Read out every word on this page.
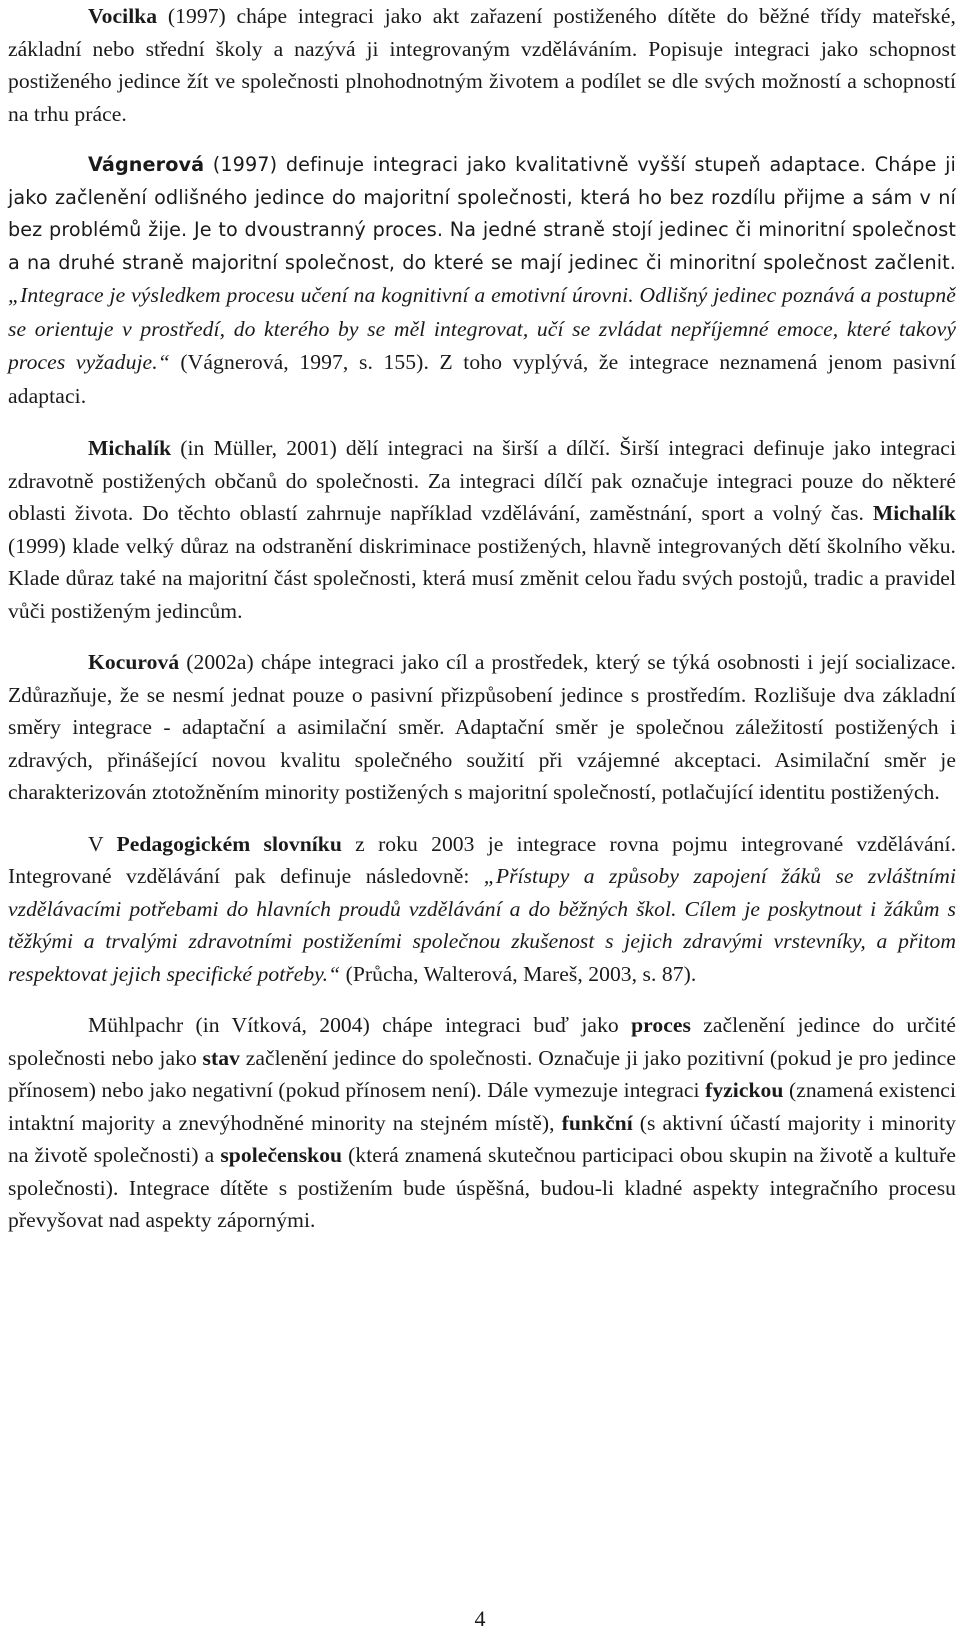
Vocilka (1997) chápe integraci jako akt zařazení postiženého dítěte do běžné třídy mateřské, základní nebo střední školy a nazývá ji integrovaným vzděláváním. Popisuje integraci jako schopnost postiženého jedince žít ve společnosti plnohodnotným životem a podílet se dle svých možností a schopností na trhu práce.

Vágnerová (1997) definuje integraci jako kvalitativně vyšší stupeň adaptace. Chápe ji jako začlenění odlišného jedince do majoritní společnosti, která ho bez rozdílu přijme a sám v ní bez problémů žije. Je to dvoustranný proces. Na jedné straně stojí jedinec či minoritní společnost a na druhé straně majoritní společnost, do které se mají jedinec či minoritní společnost začlenit. „Integrace je výsledkem procesu učení na kognitivní a emotivní úrovni. Odlišný jedinec poznává a postupně se orientuje v prostředí, do kterého by se měl integrovat, učí se zvládat nepříjemné emoce, které takový proces vyžaduje.“ (Vágnerová, 1997, s. 155). Z toho vyplývá, že integrace neznamená jenom pasivní adaptaci.

Michalík (in Müller, 2001) dělí integraci na širší a dílčí. Širší integraci definuje jako integraci zdravotně postižených občanů do společnosti. Za integraci dílčí pak označuje integraci pouze do některé oblasti života. Do těchto oblastí zahrnuje například vzdělávání, zaměstnání, sport a volný čas. Michalík (1999) klade velký důraz na odstranění diskriminace postižených, hlavně integrovaných dětí školního věku. Klade důraz také na majoritní část společnosti, která musí změnit celou řadu svých postojů, tradic a pravidel vůči postiženým jedincům.

Kocurová (2002a) chápe integraci jako cíl a prostředek, který se týká osobnosti i její socializace. Zdůrazňuje, že se nesmí jednat pouze o pasivní přizpůsobení jedince s prostředím. Rozlišuje dva základní směry integrace - adaptační a asimilační směr. Adaptační směr je společnou záležitostí postižených i zdravých, přinášející novou kvalitu společného soužití při vzájemné akceptaci. Asimilační směr je charakterizován ztotožněním minority postižených s majoritní společností, potlačující identitu postižených.

V Pedagogickém slovníku z roku 2003 je integrace rovna pojmu integrované vzdělávání. Integrované vzdělávání pak definuje následovně: „Přístupy a způsoby zapojení žáků se zvláštními vzdělávacími potřebami do hlavních proudů vzdělávání a do běžných škol. Cílem je poskytnout i žákům s těžkými a trvalými zdravotními postiženími společnou zkušenost s jejich zdravými vrstevníky, a přitom respektovat jejich specifické potřeby.“ (Průcha, Walterová, Mareš, 2003, s. 87).

Mühlpachr (in Vítková, 2004) chápe integraci buď jako proces začlenění jedince do určité společnosti nebo jako stav začlenění jedince do společnosti. Označuje ji jako pozitivní (pokud je pro jedince přínosem) nebo jako negativní (pokud přínosem není). Dále vymezuje integraci fyzickou (znamená existenci intaktní majority a znevýhodněné minority na stejném místě), funkční (s aktivní účastí majority i minority na životě společnosti) a společenskou (která znamená skutečnou participaci obou skupin na životě a kultuře společnosti). Integrace dítěte s postižením bude úspěšná, budou-li kladné aspekty integračního procesu převyšovat nad aspekty zápornými.

4
